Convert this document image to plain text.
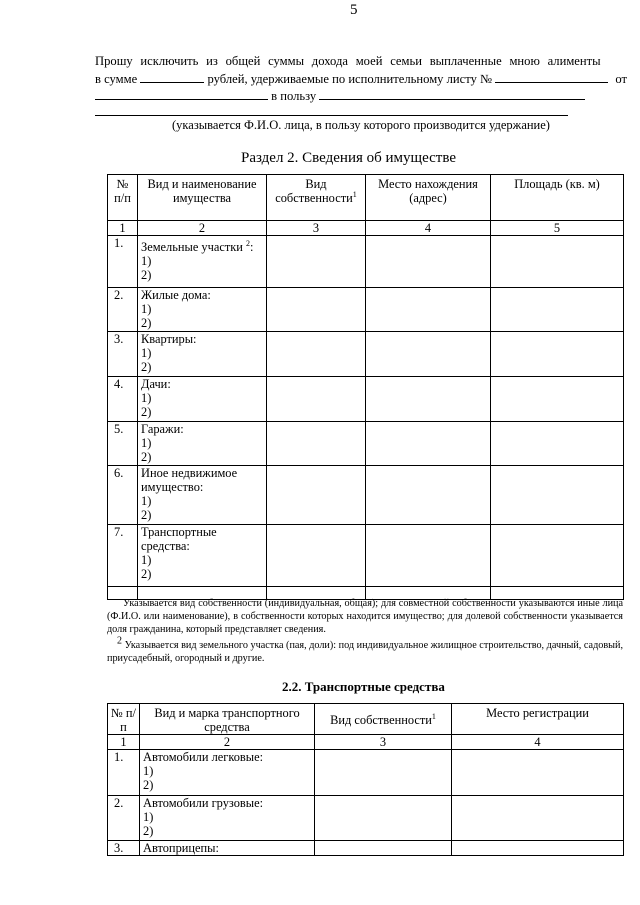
5
Прошу исключить из общей суммы дохода моей семьи выплаченные мною алименты
в сумме	рублей, удерживаемые по исполнительному листу №	от
в пользу
(указывается Ф.И.О. лица, в пользу которого производится удержание)
Раздел 2. Сведения об имуществе
№ п/п	Вид и наименование имущества	Вид собственности$^1$	Место нахождения (адрес)	Площадь (кв. м)
1	2	3	4	5
1.	Земельные участки $^2$:
1)
2)			
2.	Жилые дома:
1)
2)			
3.	Квартиры:
1)
2)			
4.	Дачи:
1)
2)			
5.	Гаражи:
1)
2)			
6.	Иное недвижимое имущество:
1)
2)			
7.	Транспортные средства:
1)
2)			

Указывается вид собственности (индивидуальная, общая); для совместной собственности указываются иные лица (Ф.И.О. или наименование), в собственности которых находится имущество; для долевой собственности указывается доля гражданина, который представляет сведения.

2 Указывается вид земельного участка (пая, доли): под индивидуальное жилищное строительство, дачный, садовый, приусадебный, огородный и другие.

2.2. Транспортные средства
№ п/п	Вид и марка транспортного средства	Вид собственности$^1$	Место регистрации
1	2	3	4
1.	Автомобили легковые:
1)
2)		
2.	Автомобили грузовые:
1)
2)		
3.	Автоприцепы:		
